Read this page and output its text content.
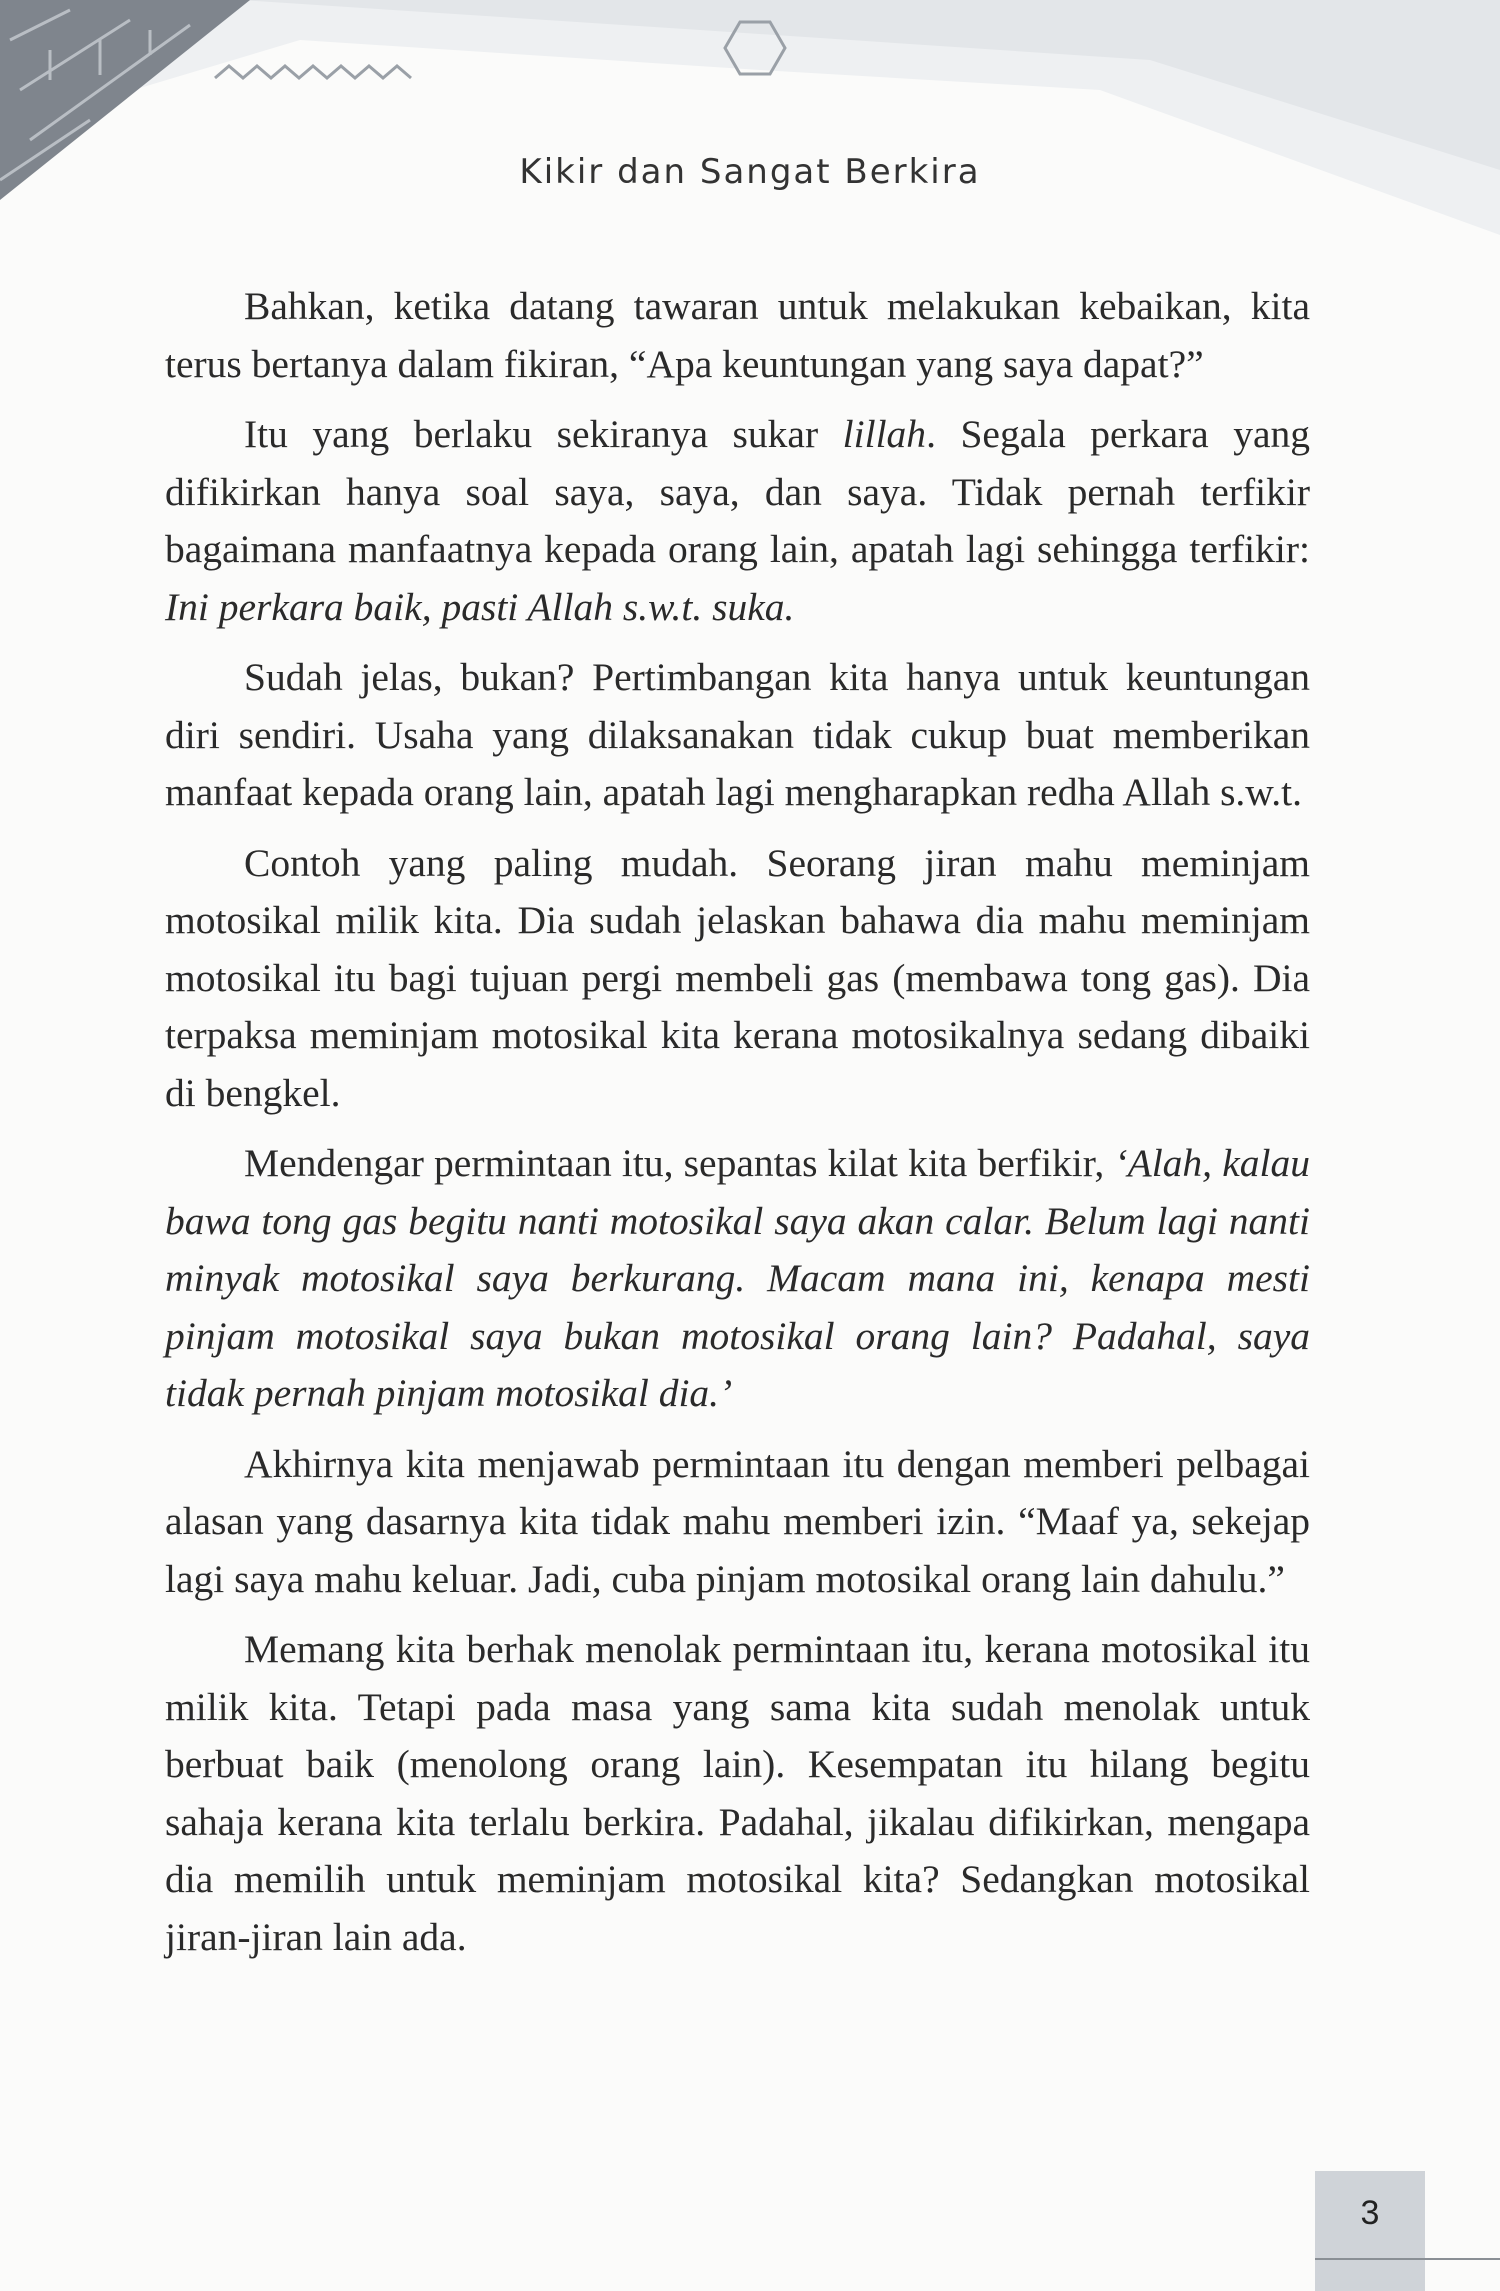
Kikir dan Sangat Berkira

Bahkan, ketika datang tawaran untuk melakukan kebaikan, kita terus bertanya dalam fikiran, “Apa keuntungan yang saya dapat?”

Itu yang berlaku sekiranya sukar lillah. Segala perkara yang difikirkan hanya soal saya, saya, dan saya. Tidak pernah terfikir bagaimana manfaatnya kepada orang lain, apatah lagi sehingga terfikir: Ini perkara baik, pasti Allah s.w.t. suka.

Sudah jelas, bukan? Pertimbangan kita hanya untuk keuntungan diri sendiri. Usaha yang dilaksanakan tidak cukup buat memberikan manfaat kepada orang lain, apatah lagi mengharapkan redha Allah s.w.t.

Contoh yang paling mudah. Seorang jiran mahu meminjam motosikal milik kita. Dia sudah jelaskan bahawa dia mahu meminjam motosikal itu bagi tujuan pergi membeli gas (membawa tong gas). Dia terpaksa meminjam motosikal kita kerana motosikalnya sedang dibaiki di bengkel.

Mendengar permintaan itu, sepantas kilat kita berfikir, ‘Alah, kalau bawa tong gas begitu nanti motosikal saya akan calar. Belum lagi nanti minyak motosikal saya berkurang. Macam mana ini, kenapa mesti pinjam motosikal saya bukan motosikal orang lain? Padahal, saya tidak pernah pinjam motosikal dia.’

Akhirnya kita menjawab permintaan itu dengan memberi pelbagai alasan yang dasarnya kita tidak mahu memberi izin. “Maaf ya, sekejap lagi saya mahu keluar. Jadi, cuba pinjam motosikal orang lain dahulu.”

Memang kita berhak menolak permintaan itu, kerana motosikal itu milik kita. Tetapi pada masa yang sama kita sudah menolak untuk berbuat baik (menolong orang lain). Kesempatan itu hilang begitu sahaja kerana kita terlalu berkira. Padahal, jikalau difikirkan, mengapa dia memilih untuk meminjam motosikal kita? Sedangkan motosikal jiran-jiran lain ada.

3
